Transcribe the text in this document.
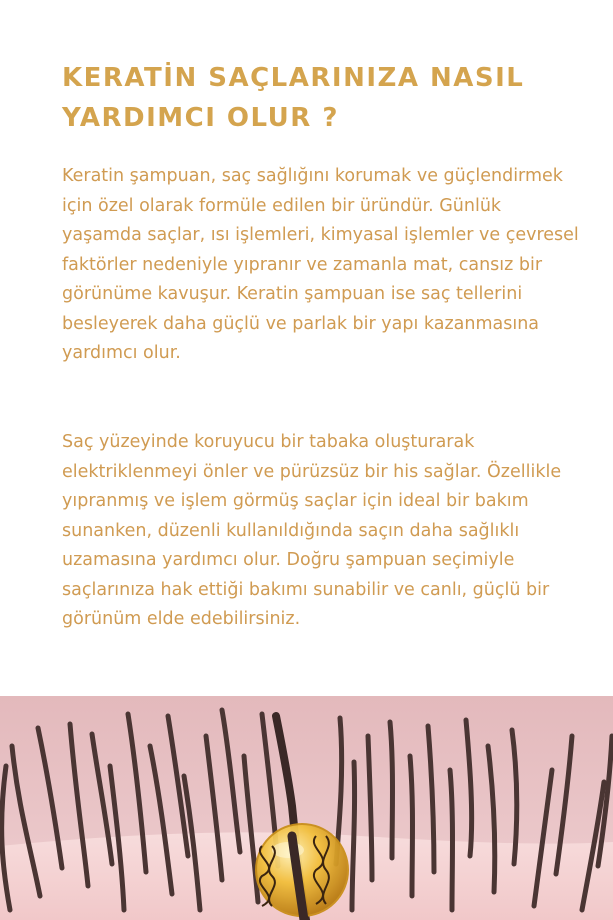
KERATİN SAÇLARINIZA NASIL
YARDIMCI OLUR ?

Keratin şampuan, saç sağlığını korumak ve güçlendirmek için özel olarak formüle edilen bir üründür. Günlük yaşamda saçlar, ısı işlemleri, kimyasal işlemler ve çevresel faktörler nedeniyle yıpranır ve zamanla mat, cansız bir görünüme kavuşur. Keratin şampuan ise saç tellerini besleyerek daha güçlü ve parlak bir yapı kazanmasına yardımcı olur.

Saç yüzeyinde koruyucu bir tabaka oluşturarak elektriklenmeyi önler ve pürüzsüz bir his sağlar. Özellikle yıpranmış ve işlem görmüş saçlar için ideal bir bakım sunanken, düzenli kullanıldığında saçın daha sağlıklı uzamasına yardımcı olur. Doğru şampuan seçimiyle saçlarınıza hak ettiği bakımı sunabilir ve canlı, güçlü bir görünüm elde edebilirsiniz.
